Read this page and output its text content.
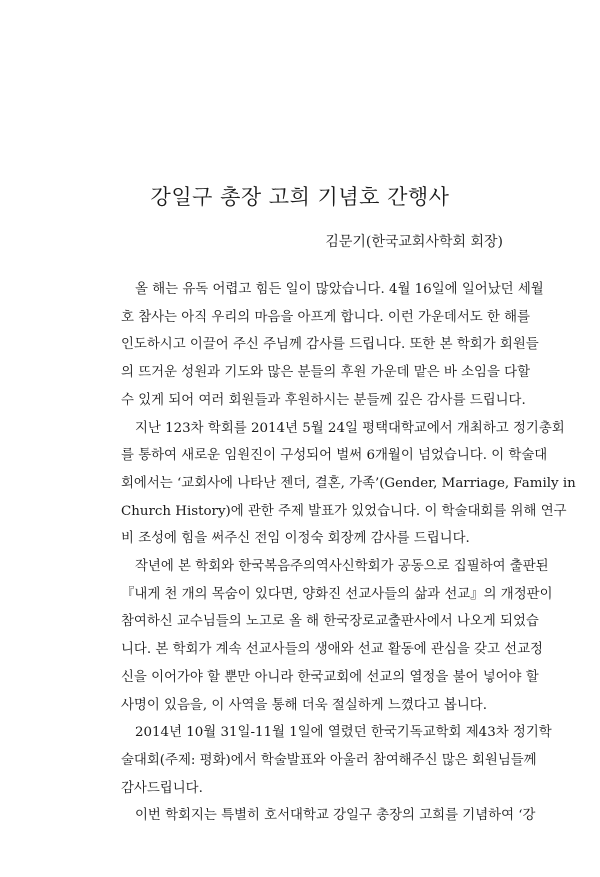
강일구 총장 고희 기념호 간행사

김문기(한국교회사학회 회장)

올 해는 유독 어렵고 힘든 일이 많았습니다. 4월 16일에 일어났던 세월
호 참사는 아직 우리의 마음을 아프게 합니다. 이런 가운데서도 한 해를
인도하시고 이끌어 주신 주님께 감사를 드립니다. 또한 본 학회가 회원들
의 뜨거운 성원과 기도와 많은 분들의 후원 가운데 맡은 바 소임을 다할
수 있게 되어 여러 회원들과 후원하시는 분들께 깊은 감사를 드립니다.

지난 123차 학회를 2014년 5월 24일 평택대학교에서 개최하고 정기총회
를 통하여 새로운 임원진이 구성되어 벌써 6개월이 넘었습니다. 이 학술대
회에서는 ‘교회사에 나타난 젠더, 결혼, 가족’(Gender, Marriage, Family in
Church History)에 관한 주제 발표가 있었습니다. 이 학술대회를 위해 연구
비 조성에 힘을 써주신 전임 이정숙 회장께 감사를 드립니다.

작년에 본 학회와 한국복음주의역사신학회가 공동으로 집필하여 출판된
『내게 천 개의 목숨이 있다면, 양화진 선교사들의 삶과 선교』의 개정판이
참여하신 교수님들의 노고로 올 해 한국장로교출판사에서 나오게 되었습
니다. 본 학회가 계속 선교사들의 생애와 선교 활동에 관심을 갖고 선교정
신을 이어가야 할 뿐만 아니라 한국교회에 선교의 열정을 불어 넣어야 할
사명이 있음을, 이 사역을 통해 더욱 절실하게 느꼈다고 봅니다.

2014년 10월 31일-11월 1일에 열렸던 한국기독교학회 제43차 정기학
술대회(주제: 평화)에서 학술발표와 아울러 참여해주신 많은 회원님들께
감사드립니다.

이번 학회지는 특별히 호서대학교 강일구 총장의 고희를 기념하여 ‘강
